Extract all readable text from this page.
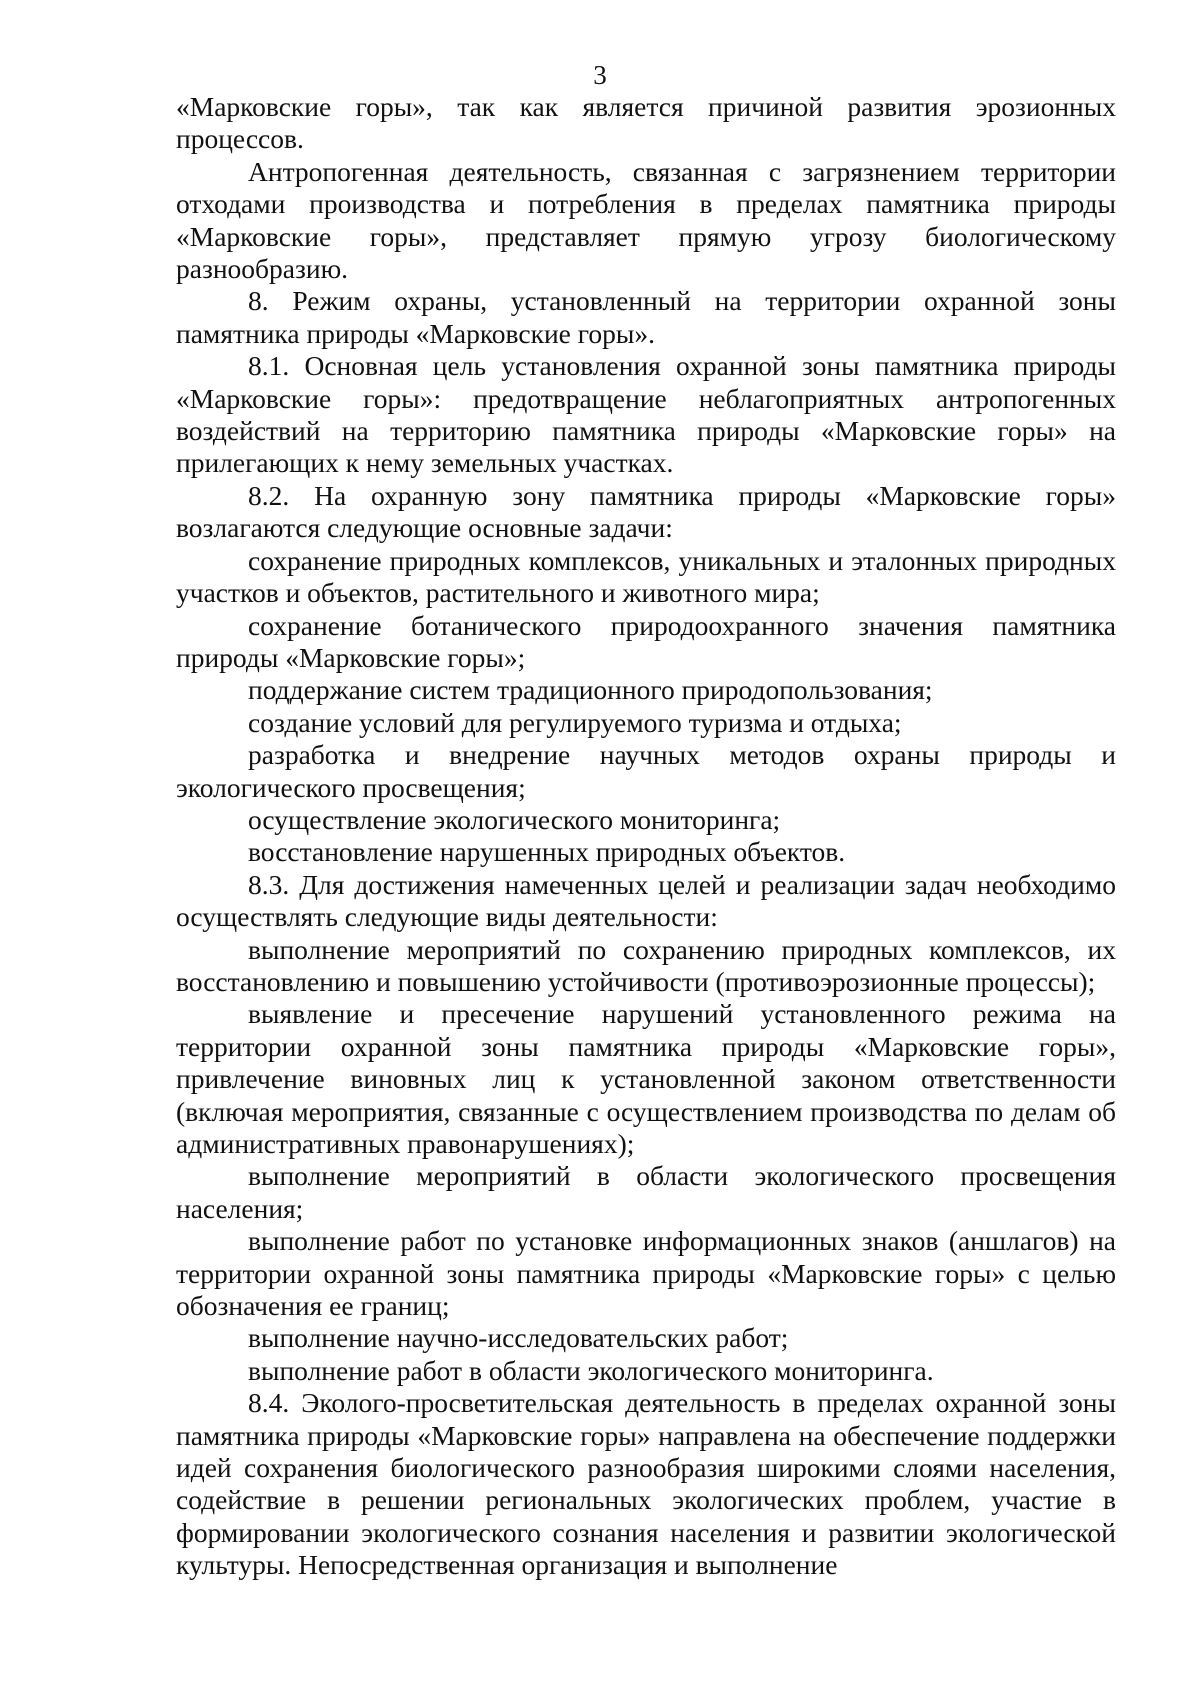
3

«Марковские горы», так как является причиной развития эрозионных процессов.

Антропогенная деятельность, связанная с загрязнением территории отходами производства и потребления в пределах памятника природы «Марковские горы», представляет прямую угрозу биологическому разнообразию.

8. Режим охраны, установленный на территории охранной зоны памятника природы «Марковские горы».

8.1. Основная цель установления охранной зоны памятника природы «Марковские горы»: предотвращение неблагоприятных антропогенных воздействий на территорию памятника природы «Марковские горы» на прилегающих к нему земельных участках.

8.2. На охранную зону памятника природы «Марковские горы» возлагаются следующие основные задачи:

сохранение природных комплексов, уникальных и эталонных природных участков и объектов, растительного и животного мира;

сохранение ботанического природоохранного значения памятника природы «Марковские горы»;

поддержание систем традиционного природопользования;

создание условий для регулируемого туризма и отдыха;

разработка и внедрение научных методов охраны природы и экологического просвещения;

осуществление экологического мониторинга;

восстановление нарушенных природных объектов.

8.3. Для достижения намеченных целей и реализации задач необходимо осуществлять следующие виды деятельности:

выполнение мероприятий по сохранению природных комплексов, их восстановлению и повышению устойчивости (противоэрозионные процессы);

выявление и пресечение нарушений установленного режима на территории охранной зоны памятника природы «Марковские горы», привлечение виновных лиц к установленной законом ответственности (включая мероприятия, связанные с осуществлением производства по делам об административных правонарушениях);

выполнение мероприятий в области экологического просвещения населения;

выполнение работ по установке информационных знаков (аншлагов) на территории охранной зоны памятника природы «Марковские горы» с целью обозначения ее границ;

выполнение научно-исследовательских работ;

выполнение работ в области экологического мониторинга.

8.4. Эколого-просветительская деятельность в пределах охранной зоны памятника природы «Марковские горы» направлена на обеспечение поддержки идей сохранения биологического разнообразия широкими слоями населения, содействие в решении региональных экологических проблем, участие в формировании экологического сознания населения и развитии экологической культуры. Непосредственная организация и выполнение
